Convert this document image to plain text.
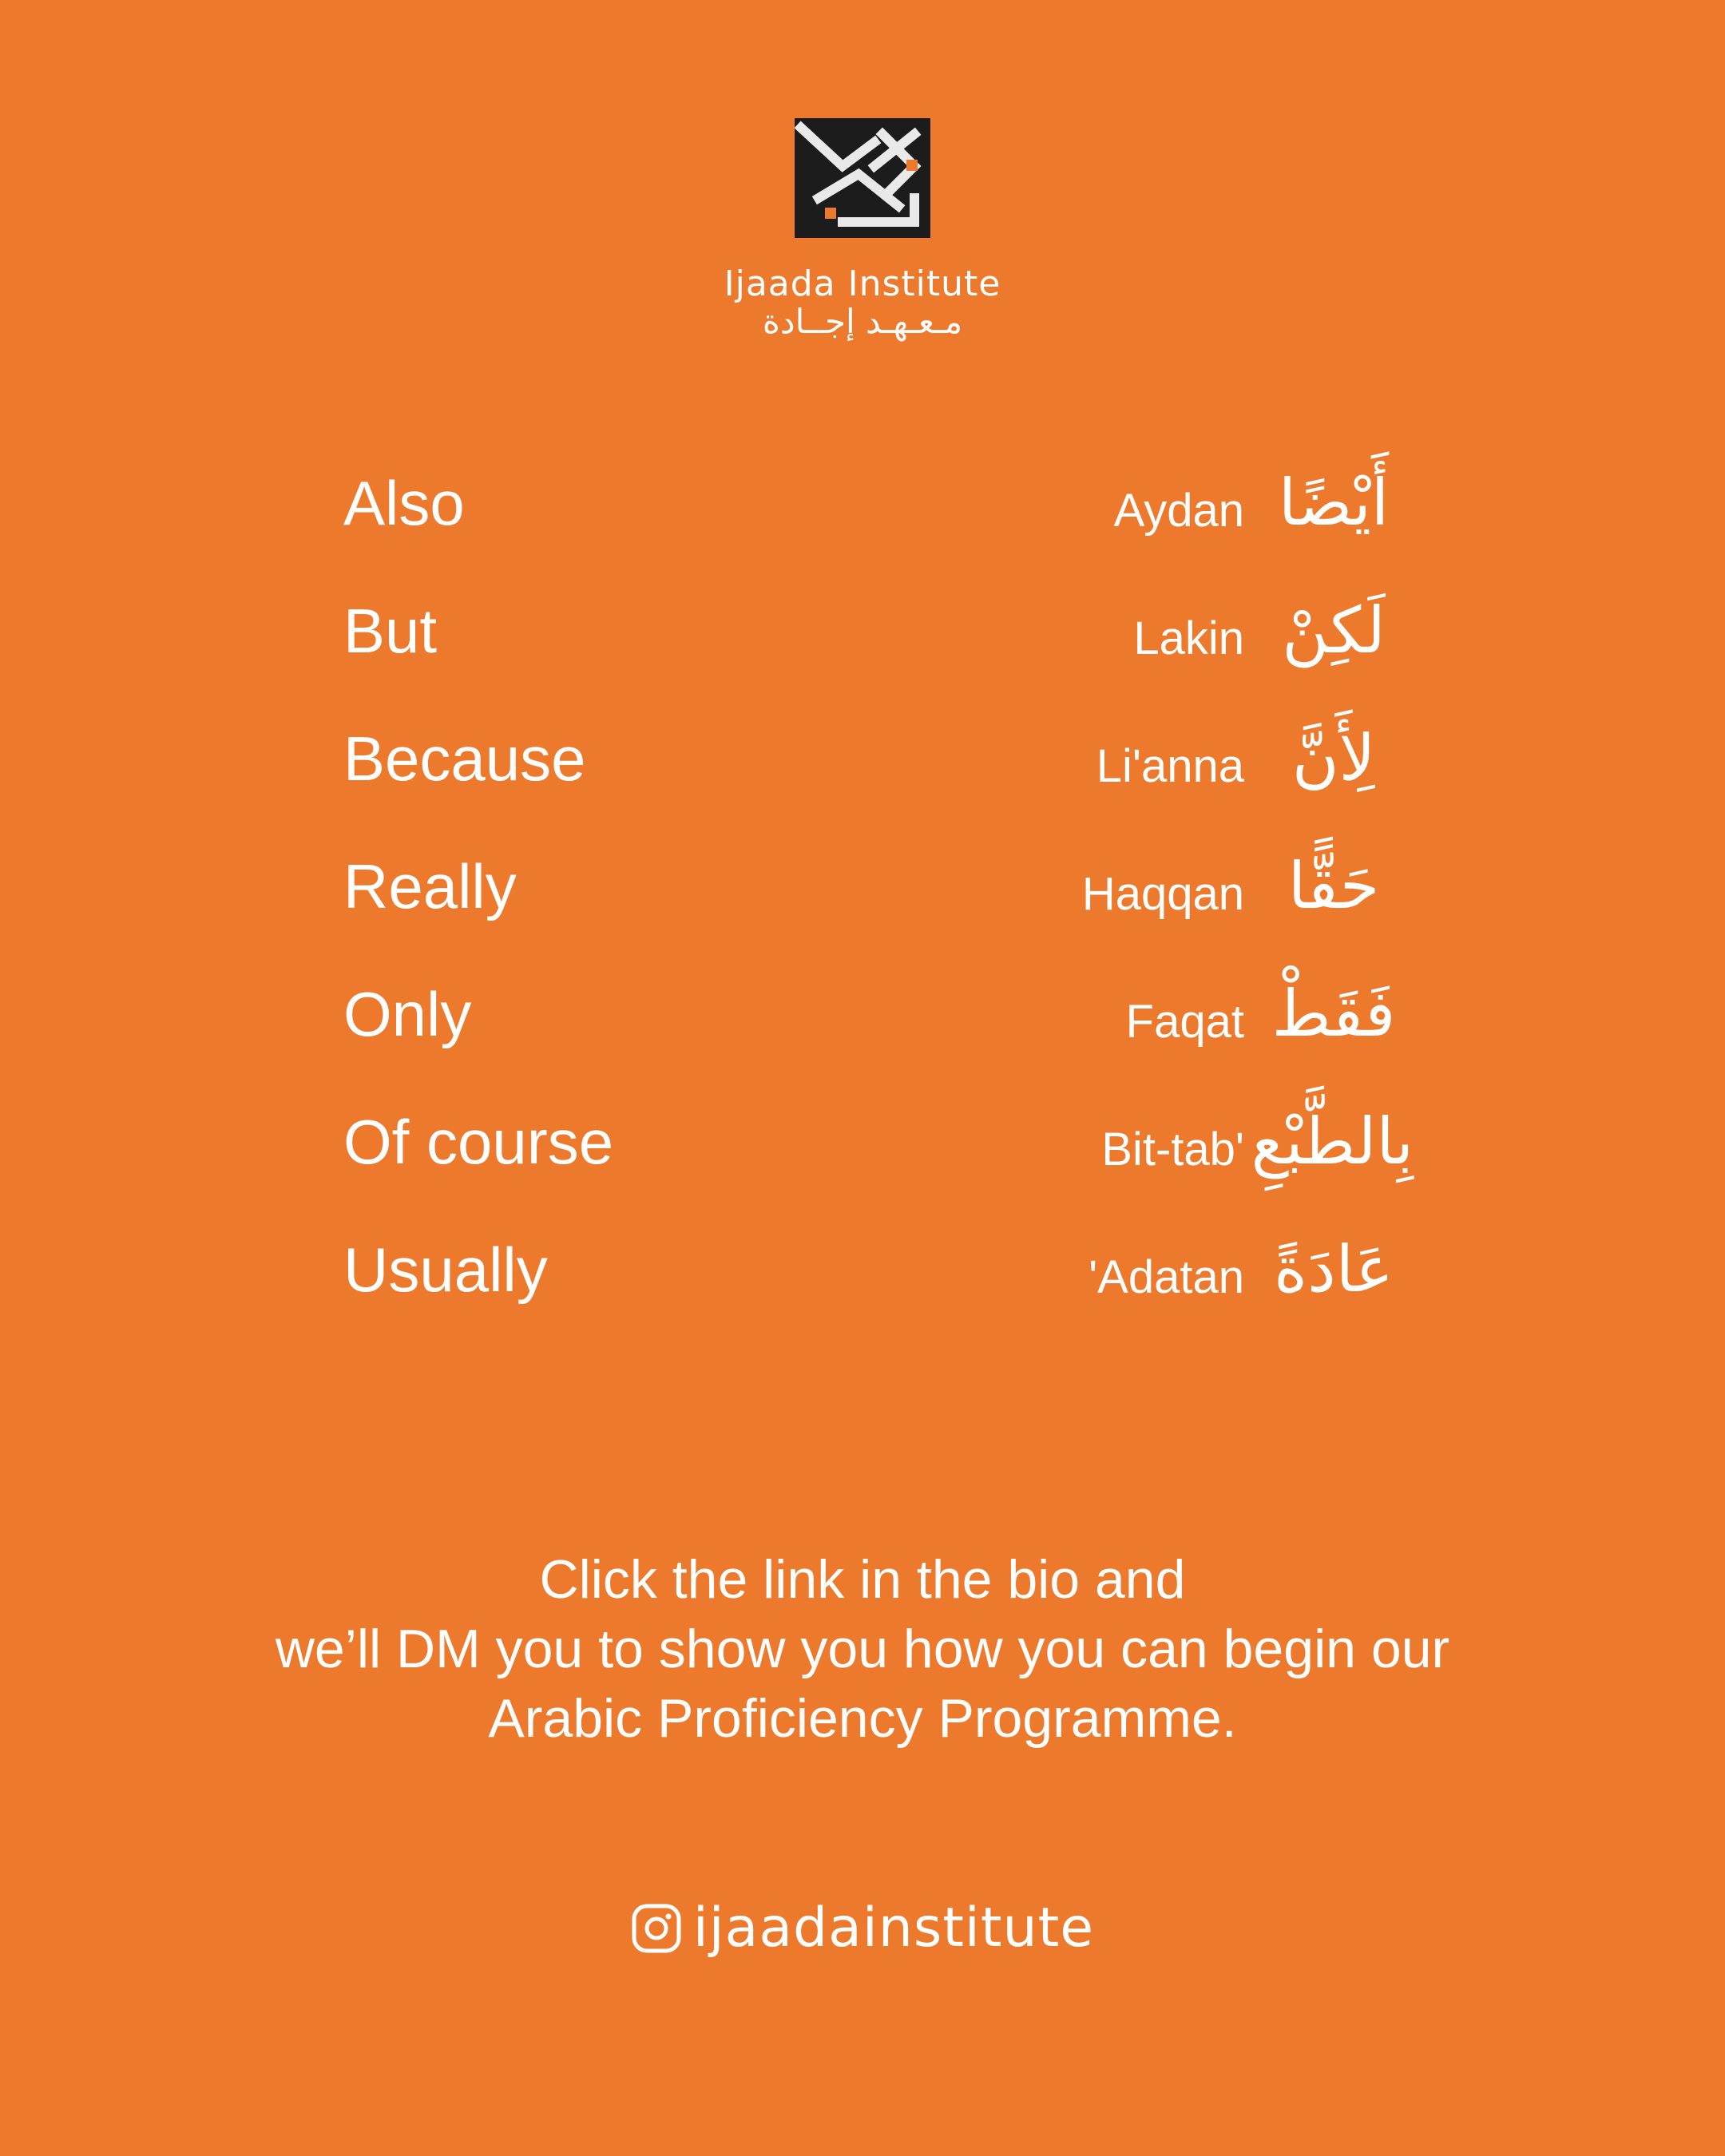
Ijaada Institute
مـعـهـد إجــادة
Also	Aydan أَيْضًا
But	Lakin لَكِنْ
Because	Li'anna لِأَنَّ
Really	Haqqan حَقًّا
Only	Faqat فَقَطْ
Of course	Bit-tab' بِالطَّبْعِ
Usually	'Adatan عَادَةً
Click the link in the bio and
we’ll DM you to show you how you can begin our
Arabic Proficiency Programme.
ijaadainstitute
